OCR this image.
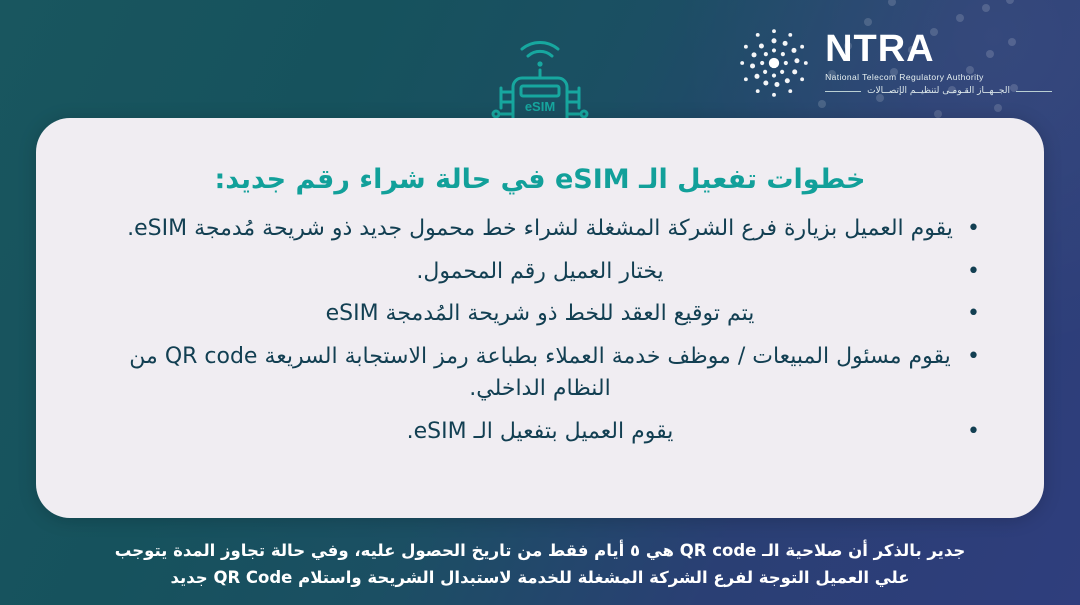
NTRA
National Telecom Regulatory Authority
الجــهــاز القـومـى لتنظيــم الإتصــالات
eSIM
خطوات تفعيل الـ eSIM في حالة شراء رقم جديد:
• يقوم العميل بزيارة فرع الشركة المشغلة لشراء خط محمول جديد ذو شريحة مُدمجة eSIM.
• يختار العميل رقم المحمول.
• يتم توقيع العقد للخط ذو شريحة المُدمجة eSIM
• يقوم مسئول المبيعات / موظف خدمة العملاء بطباعة رمز الاستجابة السريعة QR code من النظام الداخلي.
• يقوم العميل بتفعيل الـ eSIM.
جدير بالذكر أن صلاحية الـ QR code هي ٥ أيام فقط من تاريخ الحصول عليه، وفي حالة تجاوز المدة يتوجب
علي العميل التوجة لفرع الشركة المشغلة للخدمة لاستبدال الشريحة واستلام QR Code جديد
